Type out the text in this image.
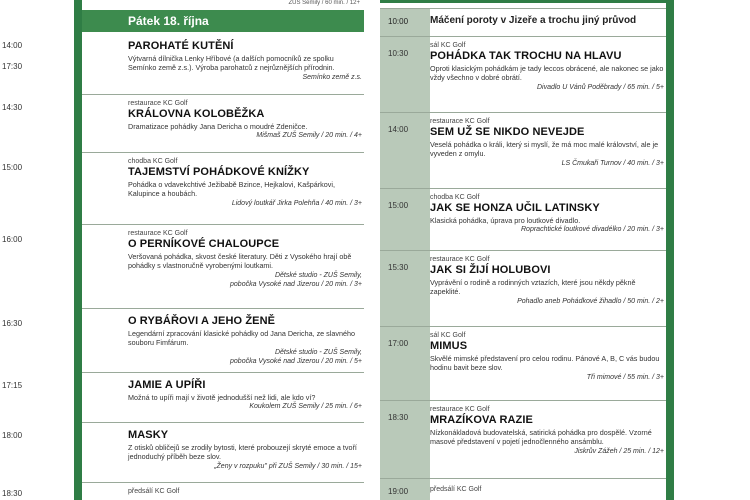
ZUŠ Semily / 60 min. / 12+
Pátek 18. října
14:00
17:30
PAROHATÉ KUTĚNÍ
Výtvarná dílnička Lenky Hříbové (a dalších pomocníků ze spolku Semínko země z.s.). Výroba parohatců z nejrůznějších přírodnin.
Semínko země z.s.
14:30	restaurace KC Golf
KRÁLOVNA KOLOBĚŽKA
Dramatizace pohádky Jana Dericha o moudré Zdeničce.
Mišmaš ZUŠ Semily / 20 min. / 4+
15:00
chodba KC Golf
TAJEMSTVÍ POHÁDKOVÉ KNÍŽKY
Pohádka o vdavekchtivé Ježibabě Bzince, Hejkalovi, Kašpárkovi, Kalupince a houbách.
Lidový loutkář Jirka Polehňa / 40 min. / 3+
16:00
restaurace KC Golf
O PERNÍKOVÉ CHALOUPCE
Veršovaná pohádka, skvost české literatury. Děti z Vysokého hrají obě pohádky s vlastnoručně vyrobenými loutkami.
Dětské studio - ZUŠ Semily,
pobočka Vysoké nad Jizerou / 20 min. / 3+
16:30	O RYBÁŘOVI A JEHO ŽENĚ
Legendární zpracování klasické pohádky od Jana Dericha, ze slavného souboru Fimfárum.
Dětské studio - ZUŠ Semily,
pobočka Vysoké nad Jizerou / 20 min. / 5+
17:15	JAMIE A UPÍŘI
Možná to upíři mají v životě jednodušší než lidi, ale kdo ví?
Koukolem ZUŠ Semily / 25 min. / 6+
18:00	MASKY
Z otisků obličejů se zrodily bytosti, které probouzejí skryté emoce a tvoří jednoduchý příběh beze slov.
„Ženy v rozpuku" při ZUŠ Semily / 30 min. / 15+
18:30	předsálí KC Golf
10:00 Máčení poroty v Jizeře a trochu jiný průvod
10:30
sál KC Golf
POHÁDKA TAK TROCHU NA HLAVU
Oproti klasickým pohádkám je tady leccos obrácené, ale nakonec se jako vždy všechno v dobré obrátí.
Divadlo U Vánů Poděbrady / 65 min. / 5+
14:00
restaurace KC Golf
SEM UŽ SE NIKDO NEVEJDE
Veselá pohádka o králi, který si myslí, že má moc malé království, ale je vyveden z omylu.
LS Čmukaři Turnov / 40 min. / 3+
15:00
chodba KC Golf
JAK SE HONZA UČIL LATINSKY
Klasická pohádka, úprava pro loutkové divadlo.
Roprachtické loutkové divadélko / 20 min. / 3+
15:30
restaurace KC Golf
JAK SI ŽIJÍ HOLUBOVI
Vyprávění o rodině a rodinných vztazích, které jsou někdy pěkně zapeklité.
Pohadlo aneb Pohádkové žihadlo / 50 min. / 2+
17:00
sál KC Golf
MIMUS
Skvělé mimské představení pro celou rodinu. Pánové A, B, C vás budou hodinu bavit beze slov.
Tři mimové / 55 min. / 3+
18:30
restaurace KC Golf
MRAZÍKOVA RAZIE
Nízkonákladová budovatelská, satirická pohádka pro dospělé. Vzorné masové představení v pojetí jednočlenného ansámblu.
Jiskrův Zážeh / 25 min. / 12+
19:00	předsálí KC Golf
